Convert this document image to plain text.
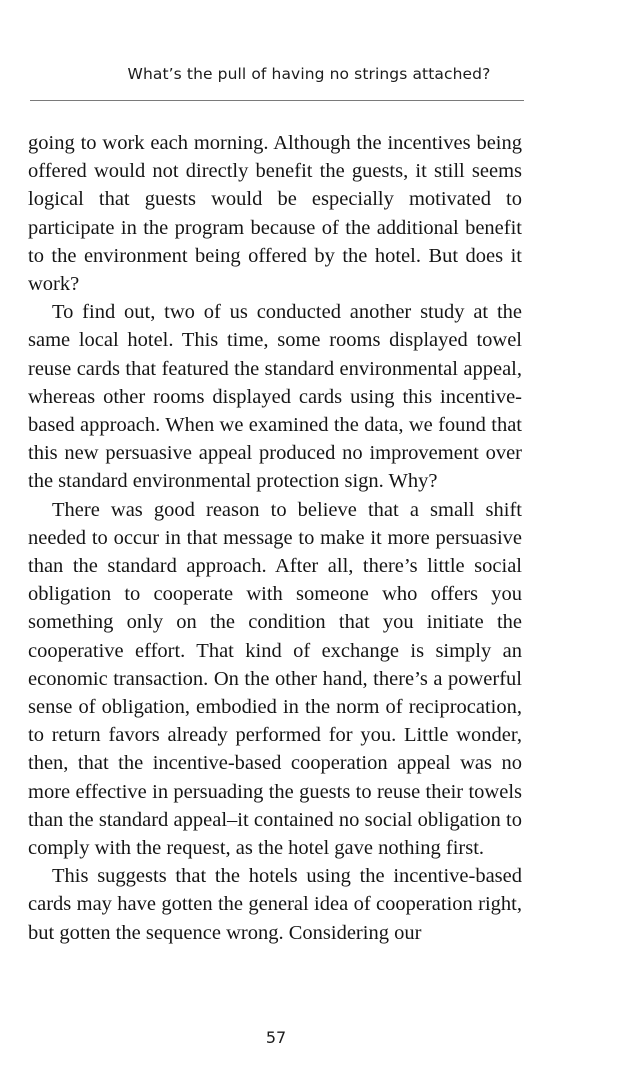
What’s the pull of having no strings attached?

going to work each morning. Although the incentives being offered would not directly benefit the guests, it still seems logical that guests would be especially motivated to participate in the program because of the additional benefit to the environment being offered by the hotel. But does it work?

To find out, two of us conducted another study at the same local hotel. This time, some rooms displayed towel reuse cards that featured the standard environmental appeal, whereas other rooms displayed cards using this incentive-based approach. When we examined the data, we found that this new persuasive appeal produced no improvement over the standard environmental protection sign. Why?

There was good reason to believe that a small shift needed to occur in that message to make it more persuasive than the standard approach. After all, there’s little social obligation to cooperate with someone who offers you something only on the condition that you initiate the cooperative effort. That kind of exchange is simply an economic transaction. On the other hand, there’s a powerful sense of obligation, embodied in the norm of reciprocation, to return favors already performed for you. Little wonder, then, that the incentive-based cooperation appeal was no more effective in persuading the guests to reuse their towels than the standard appeal–it contained no social obligation to comply with the request, as the hotel gave nothing first.

This suggests that the hotels using the incentive-based cards may have gotten the general idea of cooperation right, but gotten the sequence wrong. Considering our

57
